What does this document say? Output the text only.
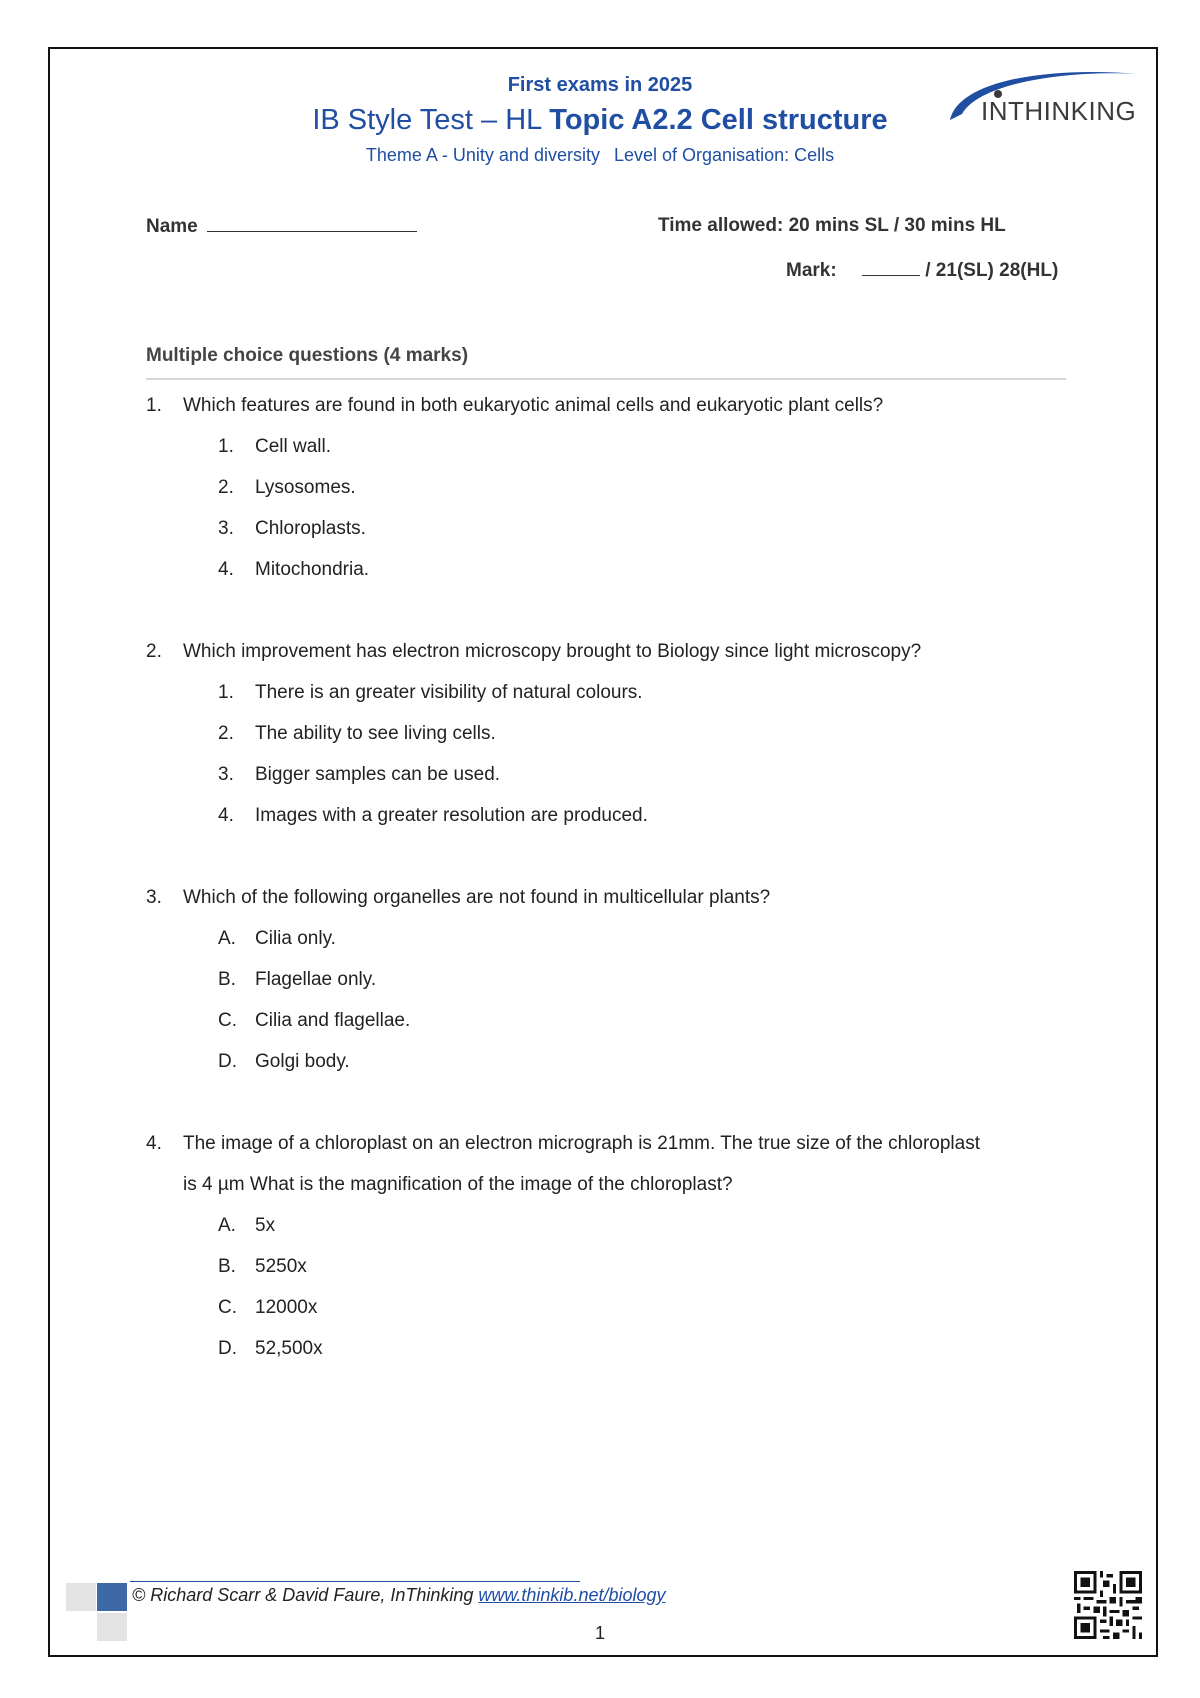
First exams in 2025
IB Style Test – HL Topic A2.2 Cell structure
Theme A - Unity and diversity Level of Organisation: Cells
INTHINKING
Name	Time allowed: 20 mins SL / 30 mins HL
Mark:	/ 21(SL) 28(HL)
Multiple choice questions (4 marks)
1. Which features are found in both eukaryotic animal cells and eukaryotic plant cells?
1. Cell wall.
2. Lysosomes.
3. Chloroplasts.
4. Mitochondria.
2. Which improvement has electron microscopy brought to Biology since light microscopy?
1. There is an greater visibility of natural colours.
2. The ability to see living cells.
3. Bigger samples can be used.
4. Images with a greater resolution are produced.
3. Which of the following organelles are not found in multicellular plants?
A. Cilia only.
B. Flagellae only.
C. Cilia and flagellae.
D. Golgi body.
4. The image of a chloroplast on an electron micrograph is 21mm. The true size of the chloroplast
is 4 µm What is the magnification of the image of the chloroplast?
A. 5x
B. 5250x
C. 12000x
D. 52,500x
© Richard Scarr & David Faure, InThinking www.thinkib.net/biology
1
